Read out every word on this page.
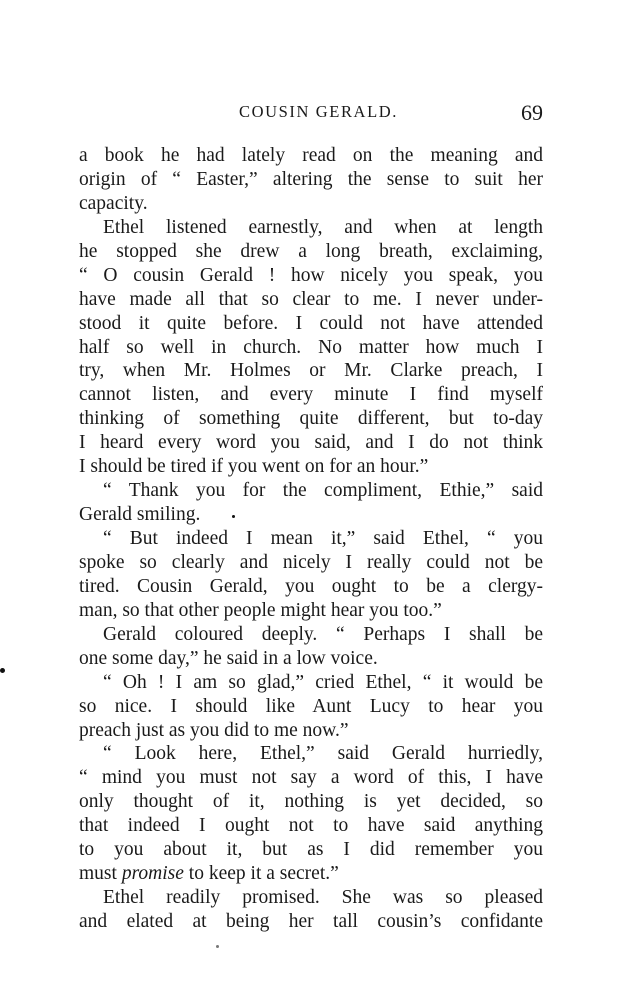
COUSIN GERALD.	69
a book he had lately read on the meaning and
origin of “ Easter,” altering the sense to suit her
capacity.
Ethel listened earnestly, and when at length
he stopped she drew a long breath, exclaiming,
“ O cousin Gerald ! how nicely you speak, you
have made all that so clear to me. I never under-
stood it quite before. I could not have attended
half so well in church. No matter how much I
try, when Mr. Holmes or Mr. Clarke preach, I
cannot listen, and every minute I find myself
thinking of something quite different, but to-day
I heard every word you said, and I do not think
I should be tired if you went on for an hour.”
“ Thank you for the compliment, Ethie,” said
Gerald smiling.
“ But indeed I mean it,” said Ethel, “ you
spoke so clearly and nicely I really could not be
tired. Cousin Gerald, you ought to be a clergy-
man, so that other people might hear you too.”
Gerald coloured deeply. “ Perhaps I shall be
one some day,” he said in a low voice.
“ Oh ! I am so glad,” cried Ethel, “ it would be
so nice. I should like Aunt Lucy to hear you
preach just as you did to me now.”
“ Look here, Ethel,” said Gerald hurriedly,
“ mind you must not say a word of this, I have
only thought of it, nothing is yet decided, so
that indeed I ought not to have said anything
to you about it, but as I did remember you
must promise to keep it a secret.”
Ethel readily promised. She was so pleased
and elated at being her tall cousin’s confidante
